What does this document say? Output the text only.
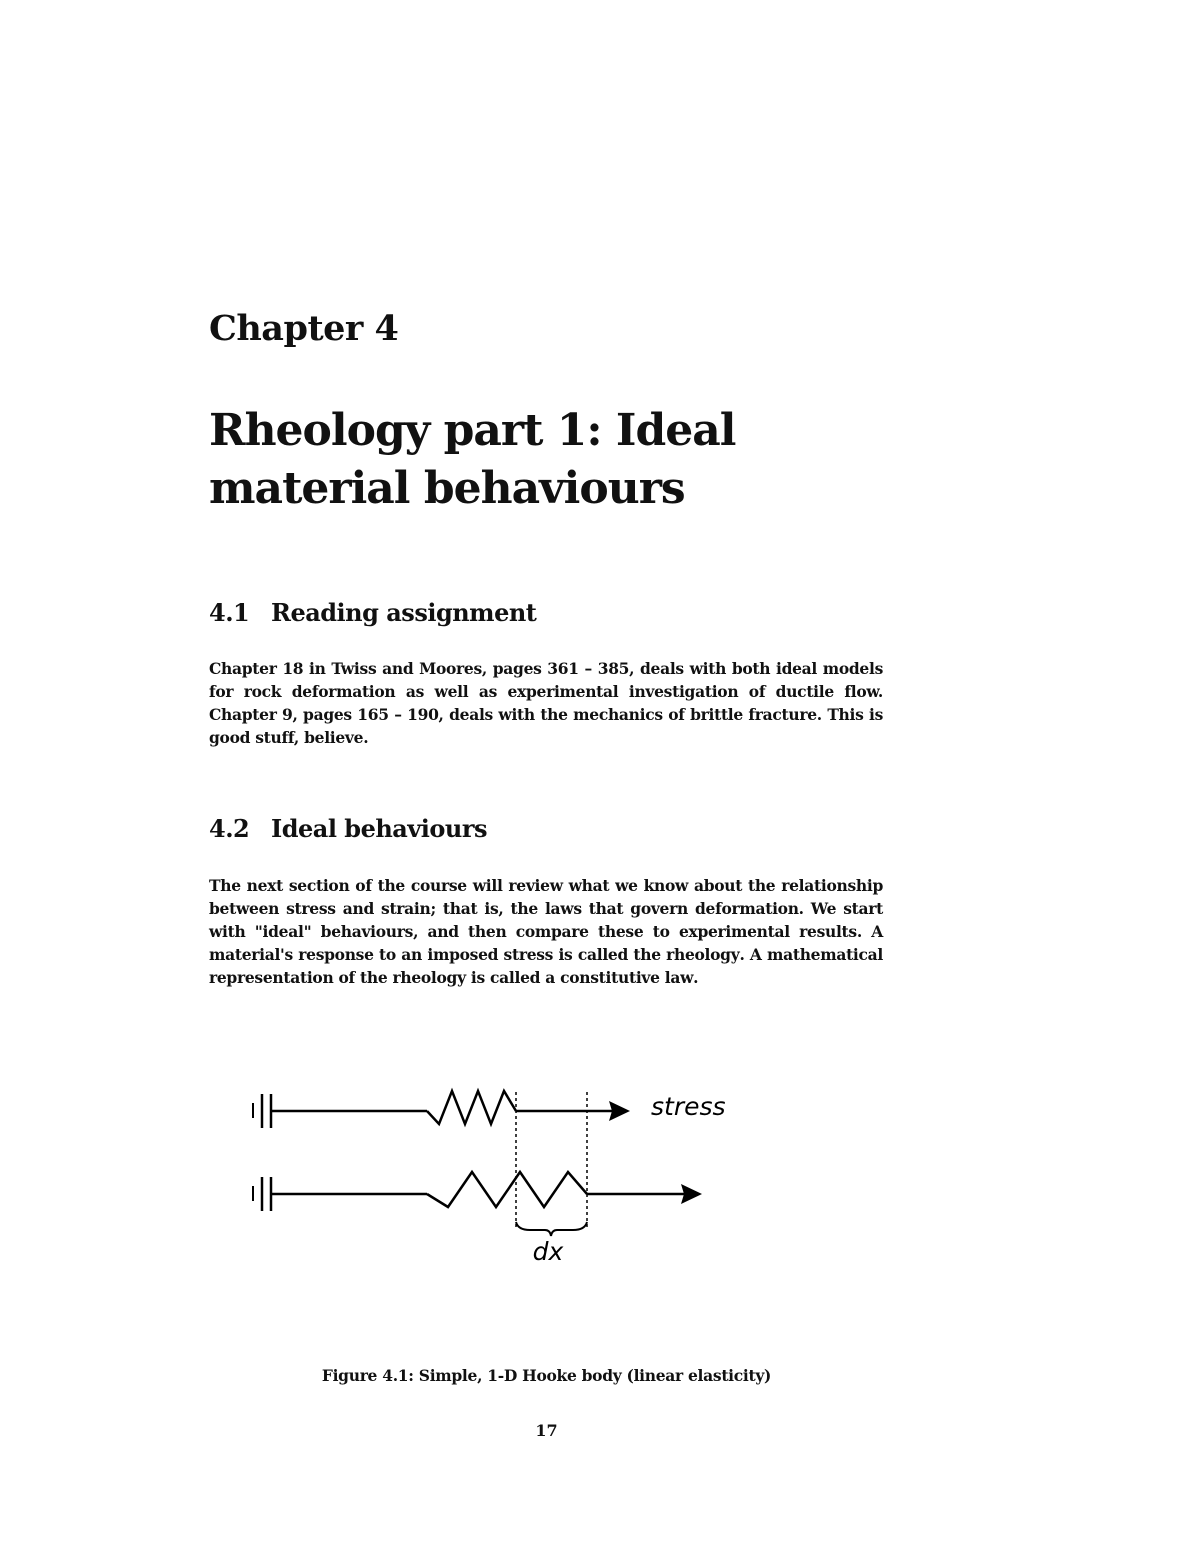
Chapter 4
Rheology part 1: Ideal material behaviours
4.1 Reading assignment

Chapter 18 in Twiss and Moores, pages 361 – 385, deals with both ideal models for rock deformation as well as experimental investigation of ductile flow. Chapter 9, pages 165 – 190, deals with the mechanics of brittle fracture. This is good stuff, believe.

4.2 Ideal behaviours

The next section of the course will review what we know about the relationship between stress and strain; that is, the laws that govern deformation. We start with "ideal" behaviours, and then compare these to experimental results. A material's response to an imposed stress is called the rheology. A mathematical representation of the rheology is called a constitutive law.

stress
dx

Figure 4.1: Simple, 1-D Hooke body (linear elasticity)

17
